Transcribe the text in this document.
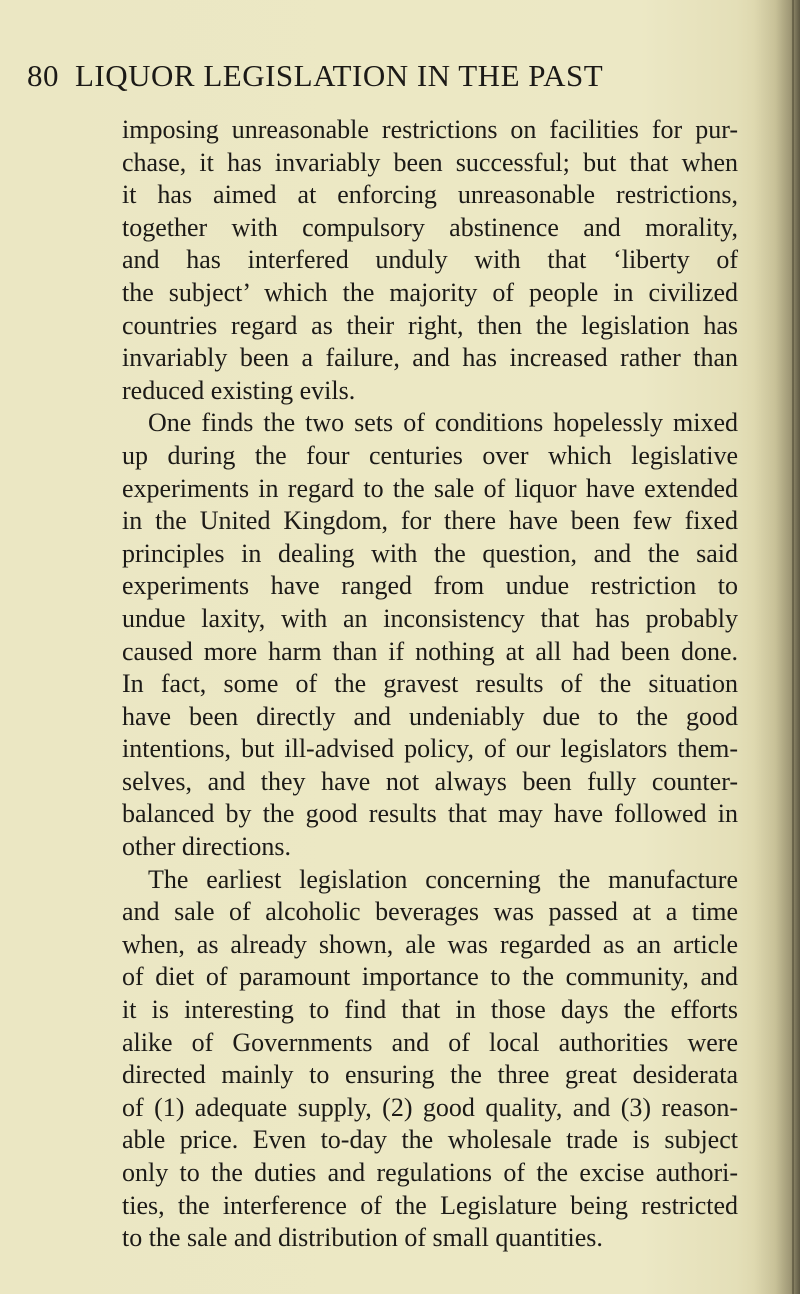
80 LIQUOR LEGISLATION IN THE PAST
imposing unreasonable restrictions on facilities for pur-
chase, it has invariably been successful; but that when
it has aimed at enforcing unreasonable restrictions,
together with compulsory abstinence and morality,
and has interfered unduly with that ‘liberty of
the subject’ which the majority of people in civilized
countries regard as their right, then the legislation has
invariably been a failure, and has increased rather than
reduced existing evils.
One finds the two sets of conditions hopelessly mixed
up during the four centuries over which legislative
experiments in regard to the sale of liquor have extended
in the United Kingdom, for there have been few fixed
principles in dealing with the question, and the said
experiments have ranged from undue restriction to
undue laxity, with an inconsistency that has probably
caused more harm than if nothing at all had been done.
In fact, some of the gravest results of the situation
have been directly and undeniably due to the good
intentions, but ill-advised policy, of our legislators them-
selves, and they have not always been fully counter-
balanced by the good results that may have followed in
other directions.
The earliest legislation concerning the manufacture
and sale of alcoholic beverages was passed at a time
when, as already shown, ale was regarded as an article
of diet of paramount importance to the community, and
it is interesting to find that in those days the efforts
alike of Governments and of local authorities were
directed mainly to ensuring the three great desiderata
of (1) adequate supply, (2) good quality, and (3) reason-
able price. Even to-day the wholesale trade is subject
only to the duties and regulations of the excise authori-
ties, the interference of the Legislature being restricted
to the sale and distribution of small quantities.
